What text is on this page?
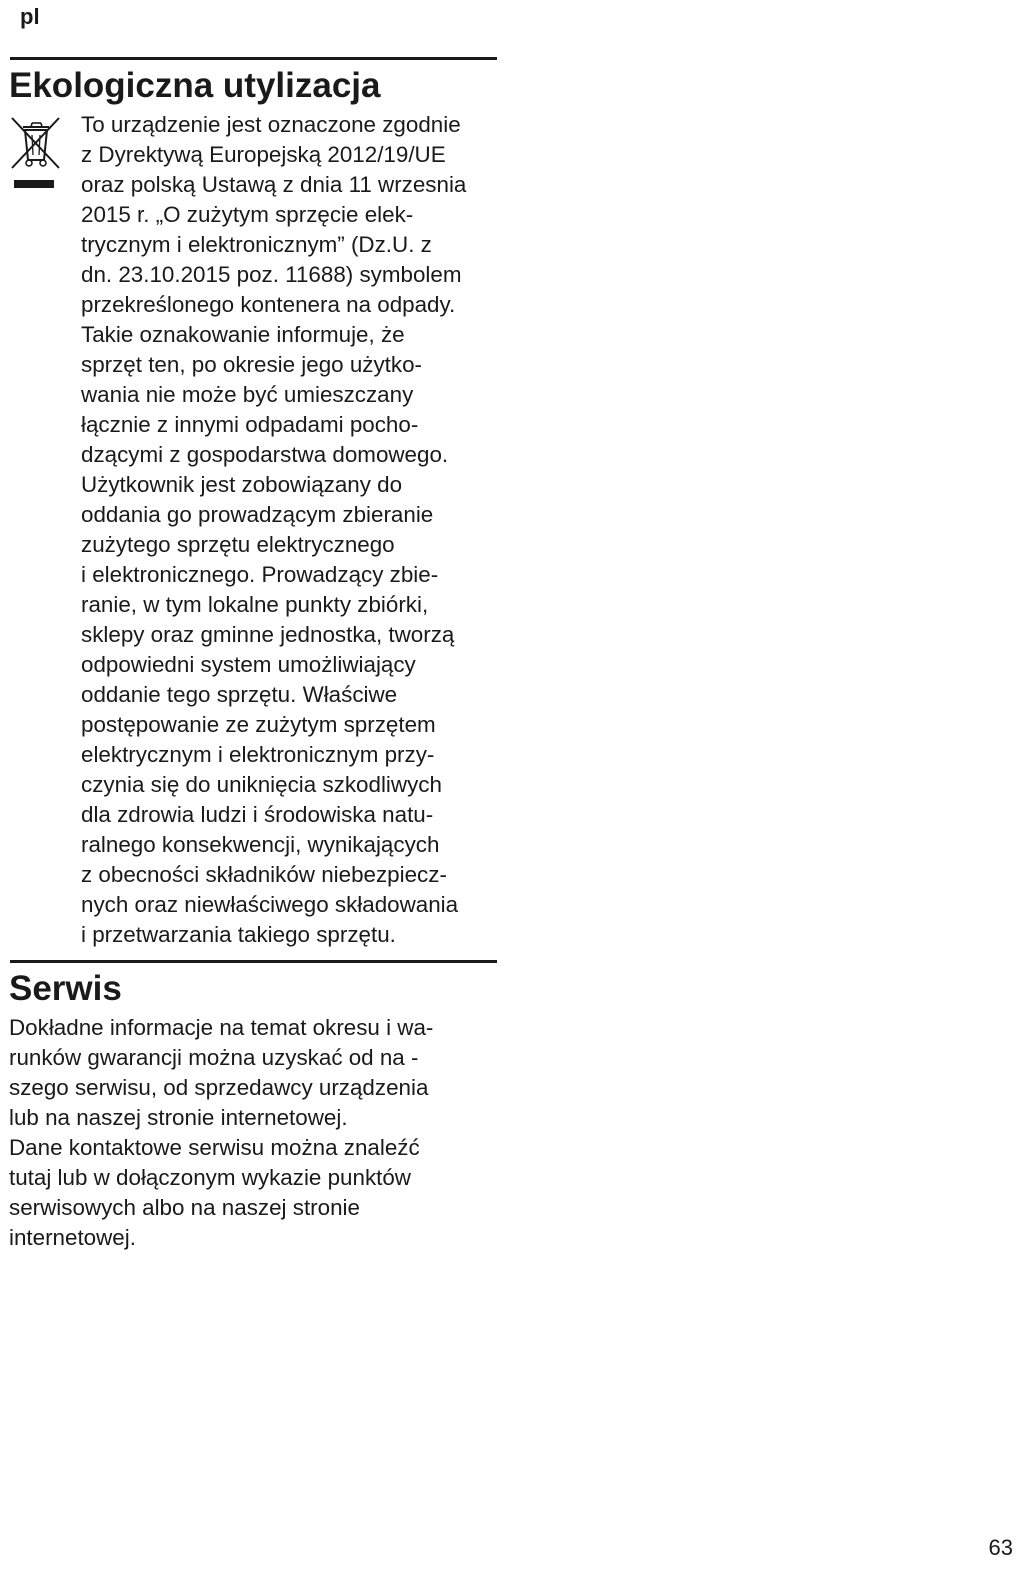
pl
Ekologiczna utylizacja
To urządzenie jest oznaczone zgodnie
z Dyrektywą Europejską 2012/19/UE
oraz polską Ustawą z dnia 11 wrzesnia
2015 r. „O zużytym sprzęcie elek-
trycznym i elektronicznym” (Dz.U. z
dn. 23.10.2015 poz. 11688) symbolem
przekreślonego kontenera na odpady.
Takie oznakowanie informuje, że
sprzęt ten, po okresie jego użytko-
wania nie może być umieszczany
łącznie z innymi odpadami pocho-
dzącymi z gospodarstwa domowego.
Użytkownik jest zobowiązany do
oddania go prowadzącym zbieranie
zużytego sprzętu elektrycznego
i elektronicznego. Prowadzący zbie-
ranie, w tym lokalne punkty zbiórki,
sklepy oraz gminne jednostka, tworzą
odpowiedni system umożliwiający
oddanie tego sprzętu. Właściwe
postępowanie ze zużytym sprzętem
elektrycznym i elektronicznym przy-
czynia się do uniknięcia szkodliwych
dla zdrowia ludzi i środowiska natu-
ralnego konsekwencji, wynikających
z obecności składników niebezpiecz-
nych oraz niewłaściwego składowania
i przetwarzania takiego sprzętu.
Serwis
Dokładne informacje na temat okresu i wa-
runków gwarancji można uzyskać od na -
szego serwisu, od sprzedawcy urządzenia
lub na naszej stronie internetowej.
Dane kontaktowe serwisu można znaleźć
tutaj lub w dołączonym wykazie punktów
serwisowych albo na naszej stronie
internetowej.
63
